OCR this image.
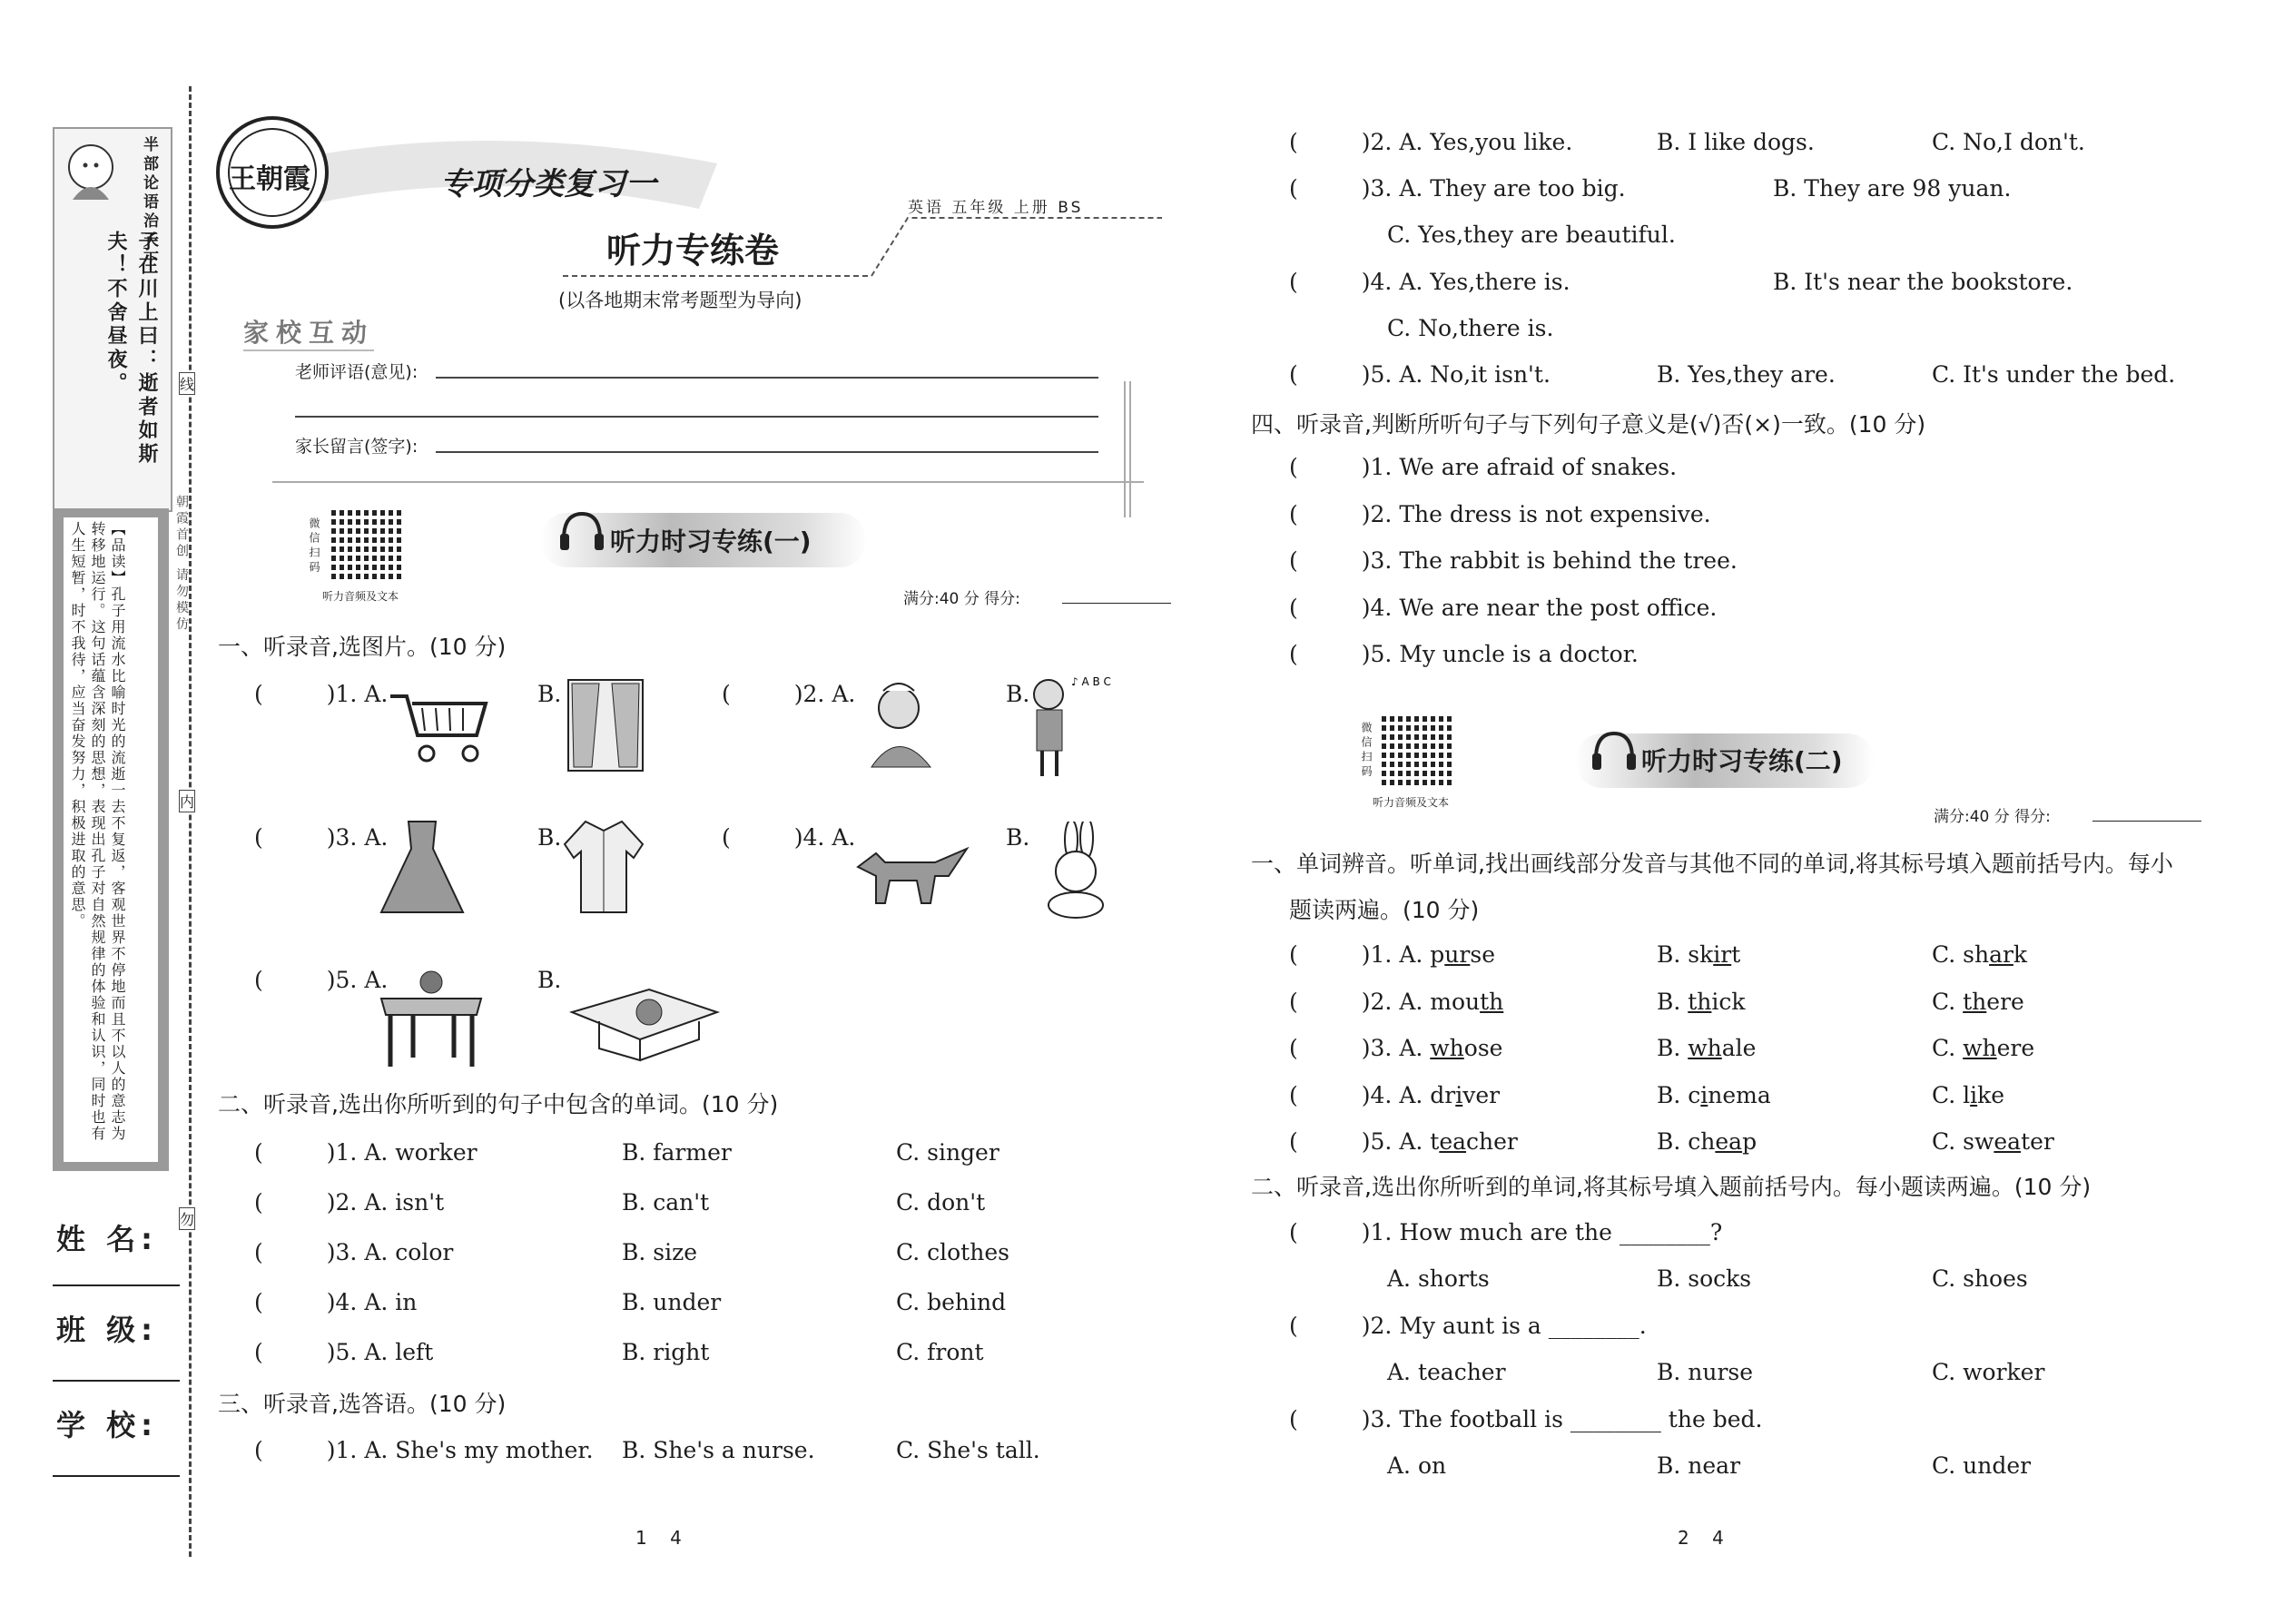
半部论语治天下
子在川上曰：逝者如斯夫！不舍昼夜。
【品读】孔子用流水比喻时光的流逝一去不复返，客观世界不停地而且不以人的意志为转移地运行。这句话蕴含深刻的思想，表现出孔子对自然规律的体验和认识，同时也有人生短暂，时不我待，应当奋发努力，积极进取的意思。
姓 名:
班 级:
学 校:
线
内
勿
朝霞首创 请勿模仿
王朝霞	专项分类复习一
英语 五年级 上册 BS
听力专练卷
(以各地期末常考题型为导向)
家校互动
老师评语(意见):
家长留言(签字):
微信扫码
听力音频及文本
听力时习专练(一)
满分:40 分 得分:
一、听录音,选图片。(10 分)
(	)1. A.	B.	(	)2. A.	B.	♪ A B C
(	)3. A.	B.	(	)4. A.	B.
(	)5. A.	B.
二、听录音,选出你所听到的句子中包含的单词。(10 分)
(	)1. A. worker	B. farmer	C. singer
(	)2. A. isn't	B. can't	C. don't
(	)3. A. color	B. size	C. clothes
(	)4. A. in	B. under	C. behind
(	)5. A. left	B. right	C. front
三、听录音,选答语。(10 分)
(	)1. A. She's my mother. B. She's a nurse.	C. She's tall.
1    4
(	)2. A. Yes,you like.	B. I like dogs.	C. No,I don't.
(	)3. A. They are too big.	B. They are 98 yuan.
C. Yes,they are beautiful.
(	)4. A. Yes,there is.	B. It's near the bookstore.
C. No,there is.
(	)5. A. No,it isn't.	B. Yes,they are.	C. It's under the bed.
四、听录音,判断所听句子与下列句子意义是(√)否(×)一致。(10 分)
(	)1. We are afraid of snakes.
(	)2. The dress is not expensive.
(	)3. The rabbit is behind the tree.
(	)4. We are near the post office.
(	)5. My uncle is a doctor.
微信扫码
听力音频及文本
听力时习专练(二)
满分:40 分 得分:
一、单词辨音。听单词,找出画线部分发音与其他不同的单词,将其标号填入题前括号内。每小
题读两遍。(10 分)
(	)1. A. purse	B. skirt	C. shark
(	)2. A. mouth	B. thick	C. there
(	)3. A. whose	B. whale	C. where
(	)4. A. driver	B. cinema	C. like
(	)5. A. teacher	B. cheap	C. sweater
二、听录音,选出你所听到的单词,将其标号填入题前括号内。每小题读两遍。(10 分)
(	)1. How much are the ________?
A. shorts	B. socks	C. shoes
(	)2. My aunt is a ________.
A. teacher	B. nurse	C. worker
(	)3. The football is ________ the bed.
A. on	B. near	C. under
2    4
